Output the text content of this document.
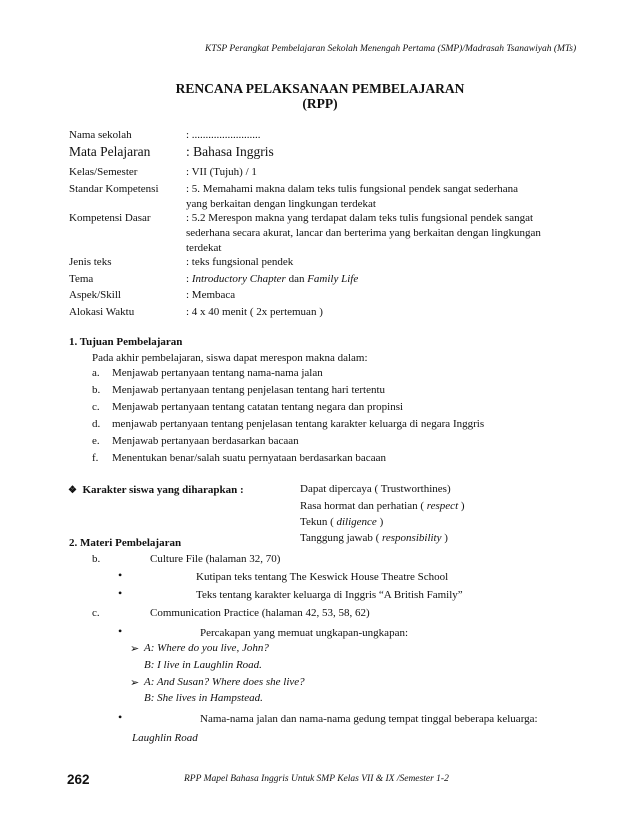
KTSP Perangkat Pembelajaran Sekolah Menengah Pertama (SMP)/Madrasah Tsanawiyah (MTs)
RENCANA PELAKSANAAN PEMBELAJARAN
(RPP)
Nama sekolah	: .........................
Mata Pelajaran	: Bahasa Inggris
Kelas/Semester	: VII (Tujuh) / 1
Standar Kompetensi	: 5. Memahami makna dalam teks tulis fungsional pendek sangat sederhana yang berkaitan dengan lingkungan terdekat
Kompetensi Dasar	: 5.2 Merespon makna yang terdapat dalam teks tulis fungsional pendek sangat sederhana secara akurat, lancar dan berterima yang berkaitan dengan lingkungan terdekat
Jenis teks	: teks fungsional pendek
Tema	: Introductory Chapter dan Family Life
Aspek/Skill	: Membaca
Alokasi Waktu	: 4 x 40 menit ( 2x pertemuan )
1. Tujuan Pembelajaran
Pada akhir pembelajaran, siswa dapat merespon makna dalam:
a. Menjawab pertanyaan tentang nama-nama jalan
b. Menjawab pertanyaan tentang penjelasan tentang hari tertentu
c. Menjawab pertanyaan tentang catatan tentang negara dan propinsi
d. menjawab pertanyaan tentang penjelasan tentang karakter keluarga di negara Inggris
e. Menjawab pertanyaan berdasarkan bacaan
f. Menentukan benar/salah suatu pernyataan berdasarkan bacaan
❖ Karakter siswa yang diharapkan :	Dapat dipercaya ( Trustworthines)
Rasa hormat dan perhatian ( respect )
Tekun ( diligence )
Tanggung jawab ( responsibility )
2. Materi Pembelajaran
b.	Culture File (halaman 32, 70)
•	Kutipan teks tentang The Keswick House Theatre School
•	Teks tentang karakter keluarga di Inggris “A British Family”
c.	Communication Practice (halaman 42, 53, 58, 62)
•	Percakapan yang memuat ungkapan-ungkapan:
➢ A: Where do you live, John?
B: I live in Laughlin Road.
➢ A: And Susan? Where does she live?
B: She lives in Hampstead.
•	Nama-nama jalan dan nama-nama gedung tempat tinggal beberapa keluarga:
Laughlin Road
262	RPP Mapel Bahasa Inggris Untuk SMP Kelas VII & IX /Semester 1-2
